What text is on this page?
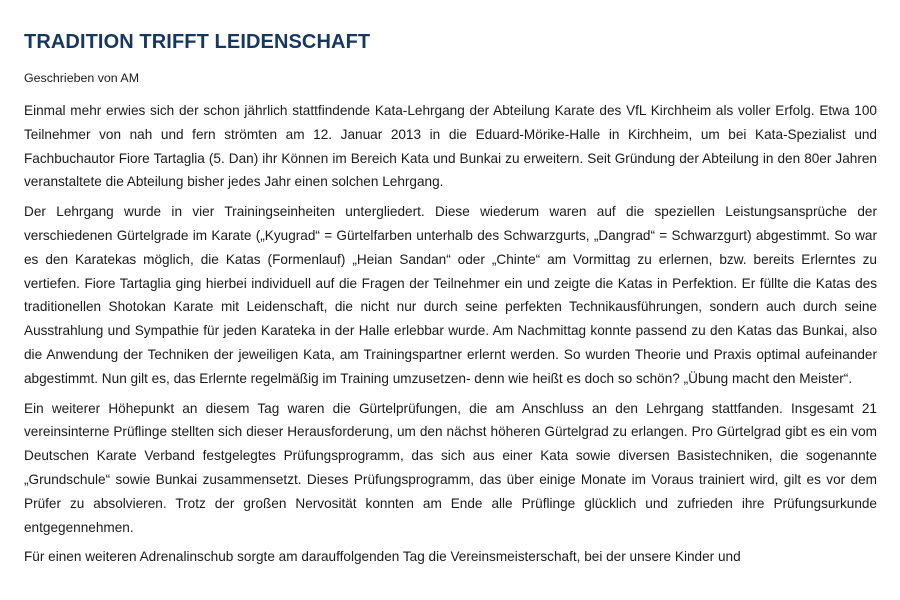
TRADITION TRIFFT LEIDENSCHAFT
Geschrieben von AM

Einmal mehr erwies sich der schon jährlich stattfindende Kata-Lehrgang der Abteilung Karate des VfL Kirchheim als voller Erfolg. Etwa 100 Teilnehmer von nah und fern strömten am 12. Januar 2013 in die Eduard-Mörike-Halle in Kirchheim, um bei Kata-Spezialist und Fachbuchautor Fiore Tartaglia (5. Dan) ihr Können im Bereich Kata und Bunkai zu erweitern. Seit Gründung der Abteilung in den 80er Jahren veranstaltete die Abteilung bisher jedes Jahr einen solchen Lehrgang.

Der Lehrgang wurde in vier Trainingseinheiten untergliedert. Diese wiederum waren auf die speziellen Leistungsansprüche der verschiedenen Gürtelgrade im Karate („Kyugrad“ = Gürtelfarben unterhalb des Schwarzgurts, „Dangrad“ = Schwarzgurt) abgestimmt. So war es den Karatekas möglich, die Katas (Formenlauf) „Heian Sandan“ oder „Chinte“ am Vormittag zu erlernen, bzw. bereits Erlerntes zu vertiefen. Fiore Tartaglia ging hierbei individuell auf die Fragen der Teilnehmer ein und zeigte die Katas in Perfektion. Er füllte die Katas des traditionellen Shotokan Karate mit Leidenschaft, die nicht nur durch seine perfekten Technikausführungen, sondern auch durch seine Ausstrahlung und Sympathie für jeden Karateka in der Halle erlebbar wurde. Am Nachmittag konnte passend zu den Katas das Bunkai, also die Anwendung der Techniken der jeweiligen Kata, am Trainingspartner erlernt werden. So wurden Theorie und Praxis optimal aufeinander abgestimmt. Nun gilt es, das Erlernte regelmäßig im Training umzusetzen- denn wie heißt es doch so schön? „Übung macht den Meister“.

Ein weiterer Höhepunkt an diesem Tag waren die Gürtelprüfungen, die am Anschluss an den Lehrgang stattfanden. Insgesamt 21 vereinsinterne Prüflinge stellten sich dieser Herausforderung, um den nächst höheren Gürtelgrad zu erlangen. Pro Gürtelgrad gibt es ein vom Deutschen Karate Verband festgelegtes Prüfungsprogramm, das sich aus einer Kata sowie diversen Basistechniken, die sogenannte „Grundschule“ sowie Bunkai zusammensetzt. Dieses Prüfungsprogramm, das über einige Monate im Voraus trainiert wird, gilt es vor dem Prüfer zu absolvieren. Trotz der großen Nervosität konnten am Ende alle Prüflinge glücklich und zufrieden ihre Prüfungsurkunde entgegennehmen.

Für einen weiteren Adrenalinschub sorgte am darauffolgenden Tag die Vereinsmeisterschaft, bei der unsere Kinder und
